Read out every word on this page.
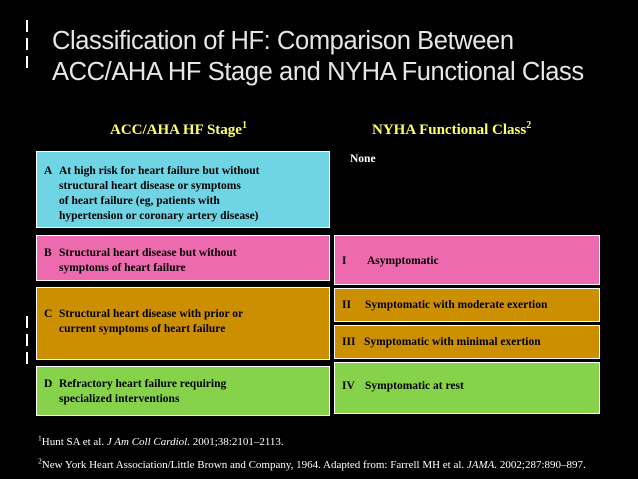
Classification of HF: Comparison Between ACC/AHA HF Stage and NYHA Functional Class
ACC/AHA HF Stage$^1$	NYHA Functional Class$^2$
A At high risk for heart failure but without
structural heart disease or symptoms
of heart failure (eg, patients with
hypertension or coronary artery disease)
B Structural heart disease but without
symptoms of heart failure
C Structural heart disease with prior or
current symptoms of heart failure
D Refractory heart failure requiring
specialized interventions
None
I Asymptomatic
II Symptomatic with moderate exertion
III Symptomatic with minimal exertion
IV Symptomatic at rest
$^1$Hunt SA et al. J Am Coll Cardiol. 2001;38:2101–2113.
$^2$New York Heart Association/Little Brown and Company, 1964. Adapted from: Farrell MH et al. JAMA. 2002;287:890–897.
